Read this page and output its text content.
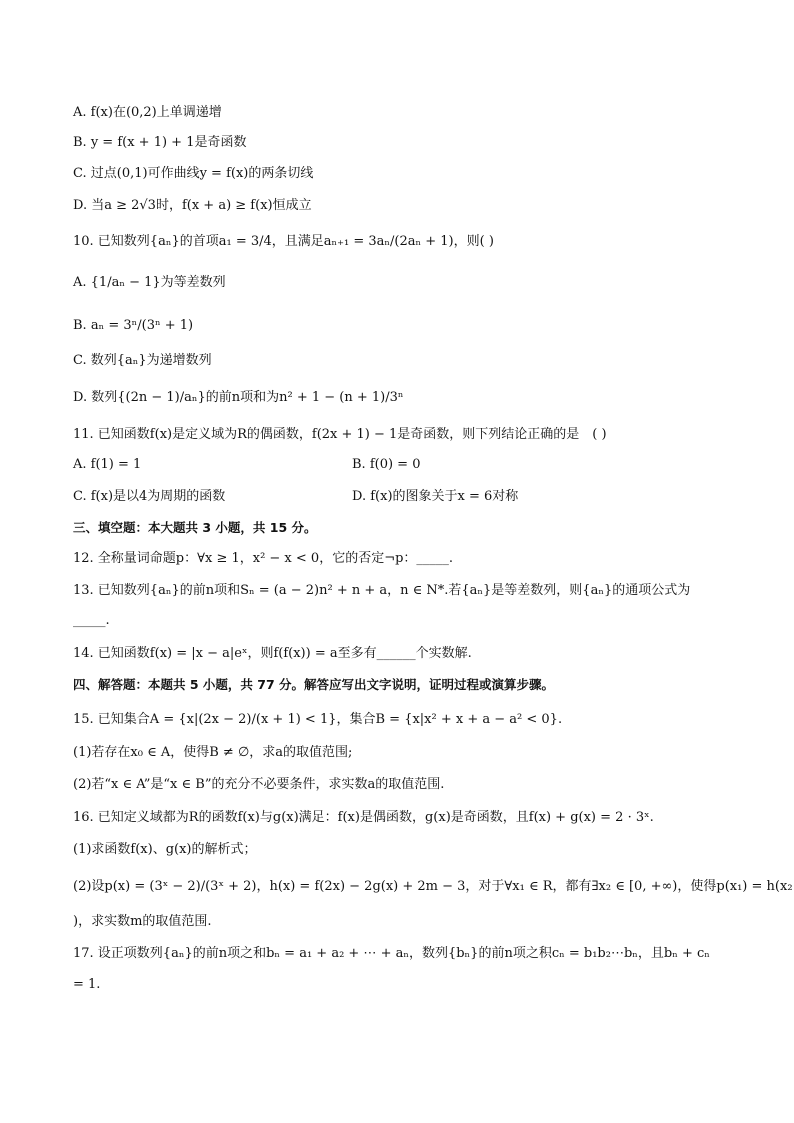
A. f(x)在(0,2)上单调递增
B. y = f(x + 1) + 1是奇函数
C. 过点(0,1)可作曲线y = f(x)的两条切线
D. 当a ≥ 2√3时，f(x + a) ≥ f(x)恒成立
10. 已知数列{aₙ}的首项a₁ = 3/4，且满足aₙ₊₁ = 3aₙ/(2aₙ + 1)，则( )
A. {1/aₙ − 1}为等差数列
B. aₙ = 3ⁿ/(3ⁿ + 1)
C. 数列{aₙ}为递增数列
D. 数列{(2n − 1)/aₙ}的前n项和为n² + 1 − (n + 1)/3ⁿ
11. 已知函数f(x)是定义域为R的偶函数，f(2x + 1) − 1是奇函数，则下列结论正确的是　( )
A. f(1) = 1	B. f(0) = 0
C. f(x)是以4为周期的函数	D. f(x)的图象关于x = 6对称
三、填空题：本大题共 3 小题，共 15 分。
12. 全称量词命题p：∀x ≥ 1，x² − x < 0，它的否定¬p：_____.
13. 已知数列{aₙ}的前n项和Sₙ = (a − 2)n² + n + a，n ∈ N*.若{aₙ}是等差数列，则{aₙ}的通项公式为
_____.
14. 已知函数f(x) = |x − a|eˣ，则f(f(x)) = a至多有______个实数解.
四、解答题：本题共 5 小题，共 77 分。解答应写出文字说明，证明过程或演算步骤。
15. 已知集合A = {x|(2x − 2)/(x + 1) < 1}，集合B = {x|x² + x + a − a² < 0}.
(1)若存在x₀ ∈ A，使得B ≠ ∅，求a的取值范围;
(2)若“x ∈ A”是“x ∈ B”的充分不必要条件，求实数a的取值范围.
16. 已知定义域都为R的函数f(x)与g(x)满足：f(x)是偶函数，g(x)是奇函数，且f(x) + g(x) = 2 · 3ˣ.
(1)求函数f(x)、g(x)的解析式；
(2)设p(x) = (3ˣ − 2)/(3ˣ + 2)，h(x) = f(2x) − 2g(x) + 2m − 3，对于∀x₁ ∈ R，都有∃x₂ ∈ [0, +∞)，使得p(x₁) = h(x₂
)，求实数m的取值范围.
17. 设正项数列{aₙ}的前n项之和bₙ = a₁ + a₂ + ⋯ + aₙ，数列{bₙ}的前n项之积cₙ = b₁b₂⋯bₙ，且bₙ + cₙ
= 1.
